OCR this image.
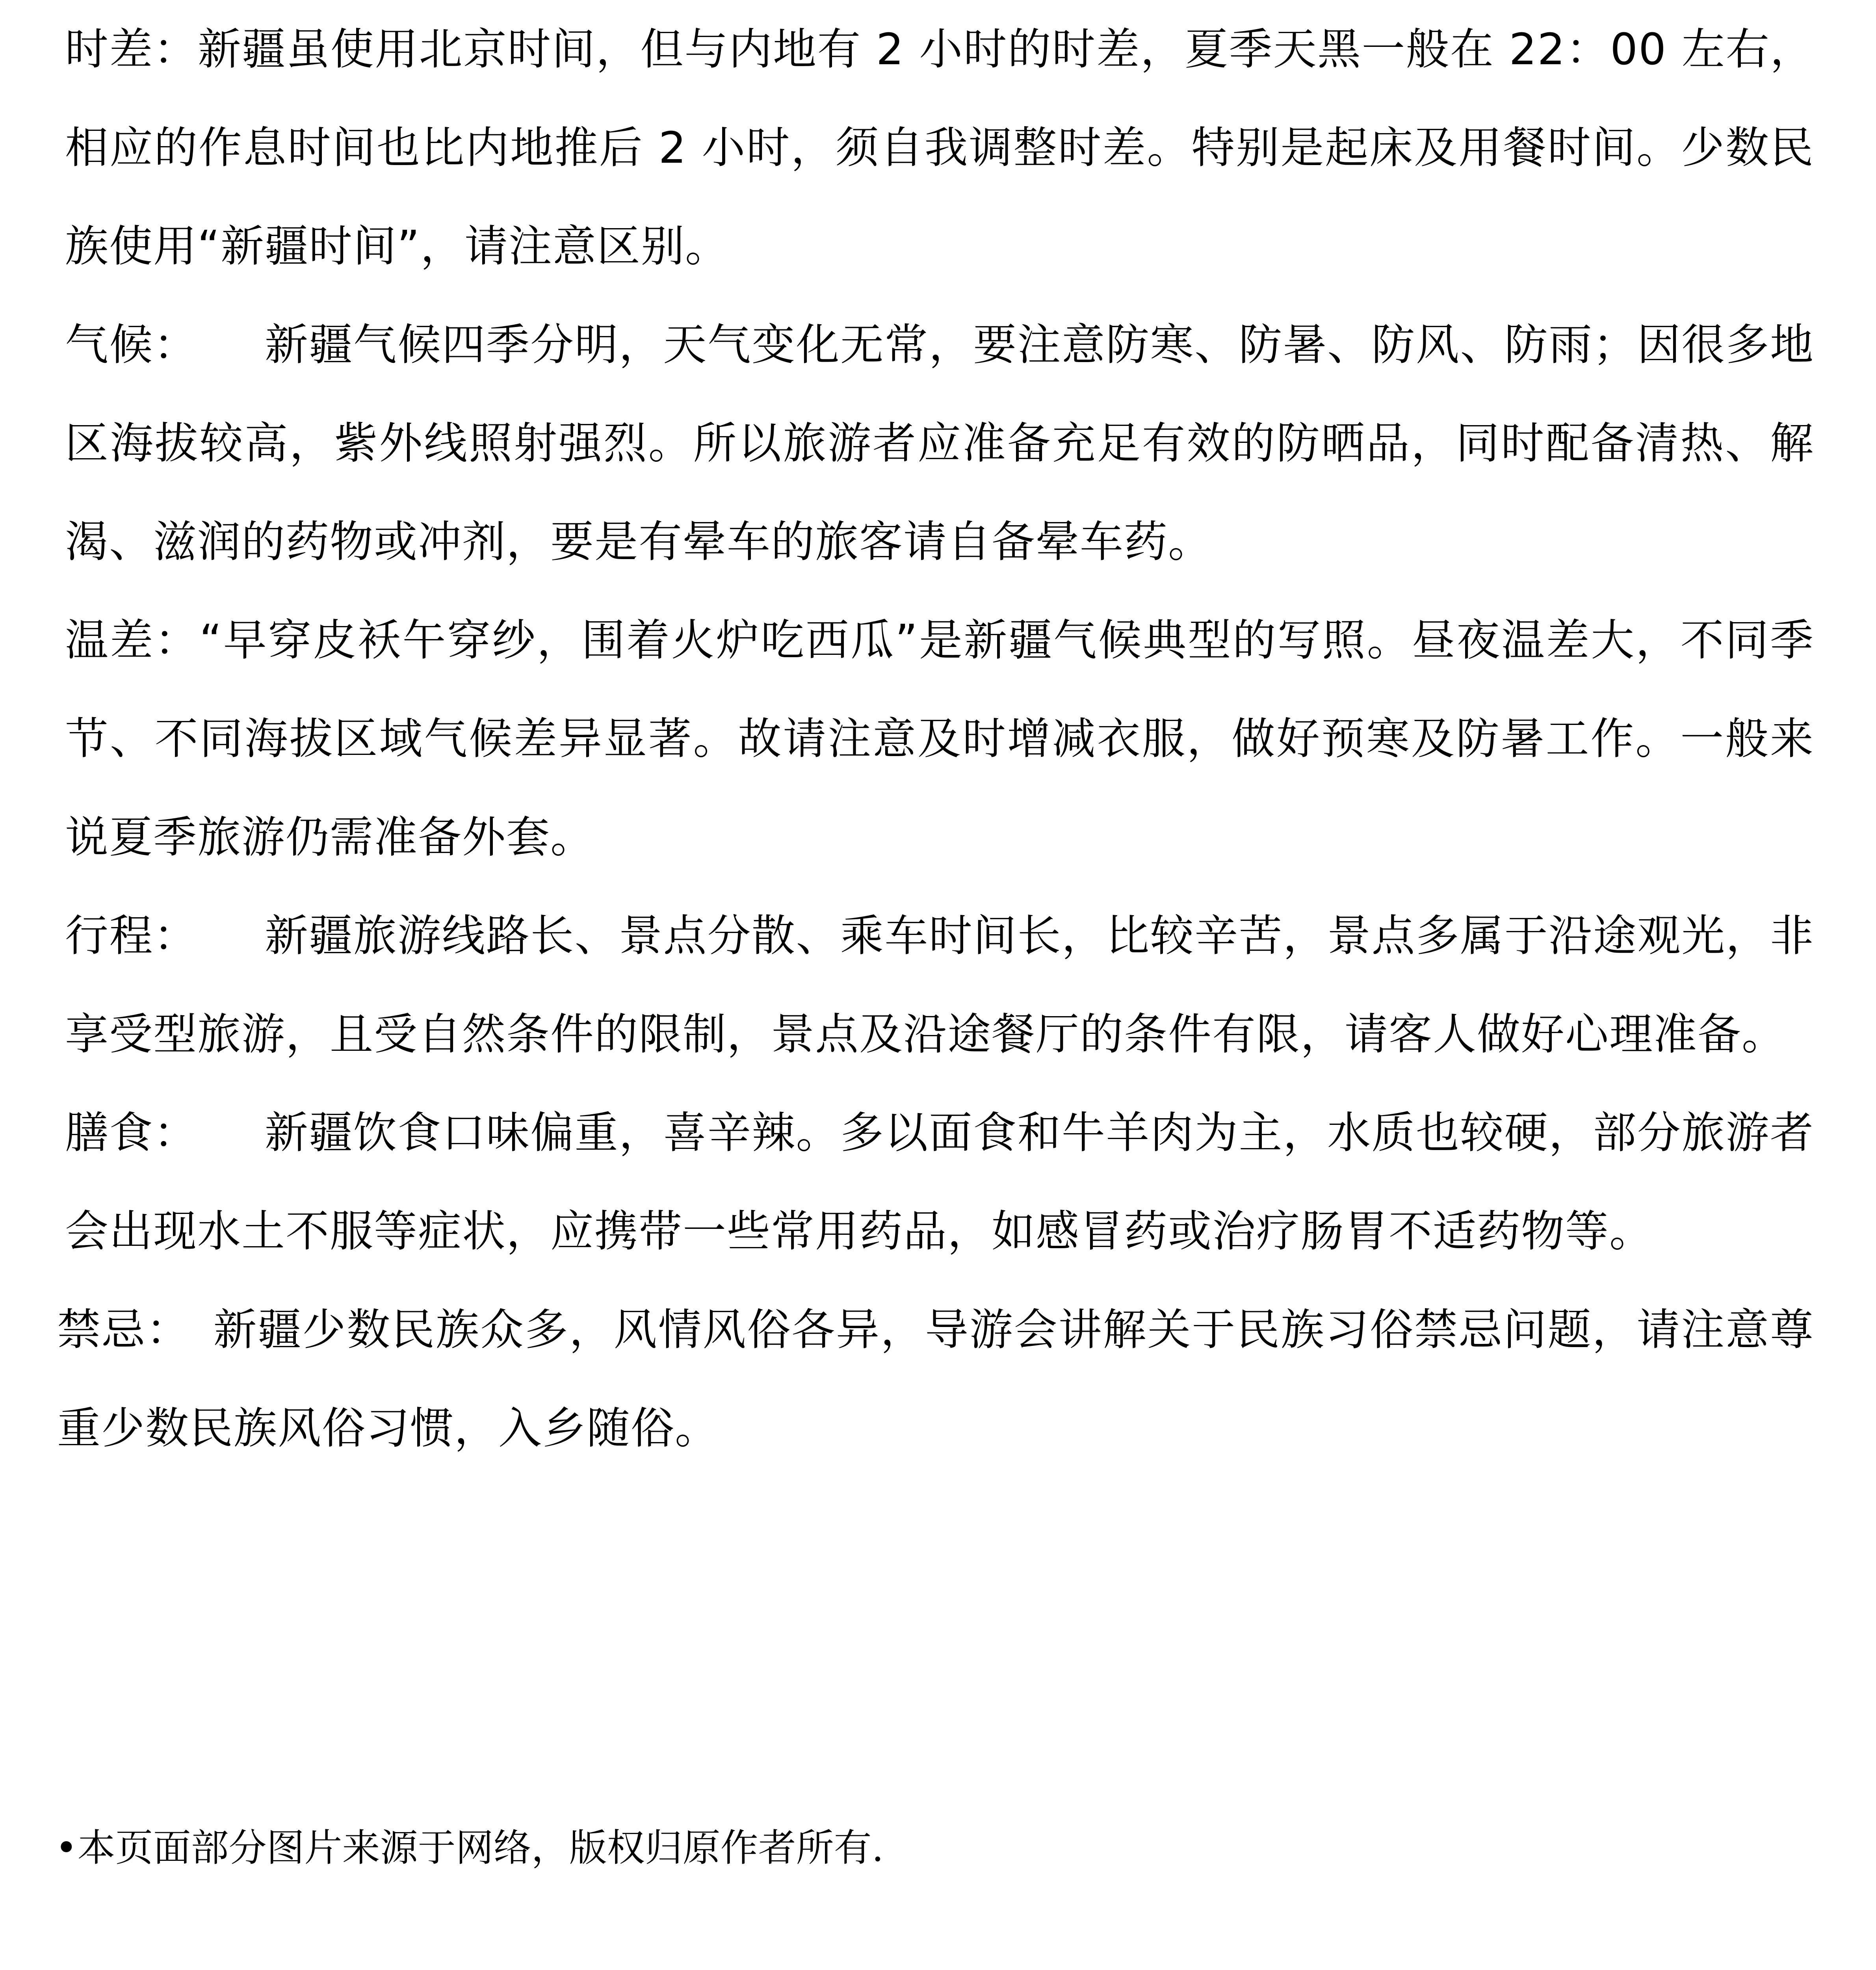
时差：新疆虽使用北京时间，但与内地有 2 小时的时差，夏季天黑一般在 22：00 左右，相应的作息时间也比内地推后 2 小时，须自我调整时差。特别是起床及用餐时间。少数民族使用“新疆时间”，请注意区别。

气候：　　 新疆气候四季分明，天气变化无常，要注意防寒、防暑、防风、防雨；因很多地区海拔较高，紫外线照射强烈。所以旅游者应准备充足有效的防晒品，同时配备清热、解渴、滋润的药物或冲剂，要是有晕车的旅客请自备晕车药。

温差：“早穿皮袄午穿纱，围着火炉吃西瓜”是新疆气候典型的写照。昼夜温差大，不同季节、不同海拔区域气候差异显著。故请注意及时增减衣服，做好预寒及防暑工作。一般来说夏季旅游仍需准备外套。

行程：　　 新疆旅游线路长、景点分散、乘车时间长，比较辛苦，景点多属于沿途观光，非享受型旅游，且受自然条件的限制，景点及沿途餐厅的条件有限，请客人做好心理准备。

膳食：　　 新疆饮食口味偏重，喜辛辣。多以面食和牛羊肉为主，水质也较硬，部分旅游者会出现水土不服等症状，应携带一些常用药品，如感冒药或治疗肠胃不适药物等。

禁忌：  新疆少数民族众多，风情风俗各异，导游会讲解关于民族习俗禁忌问题，请注意尊重少数民族风俗习惯，入乡随俗。

•本页面部分图片来源于网络，版权归原作者所有.
